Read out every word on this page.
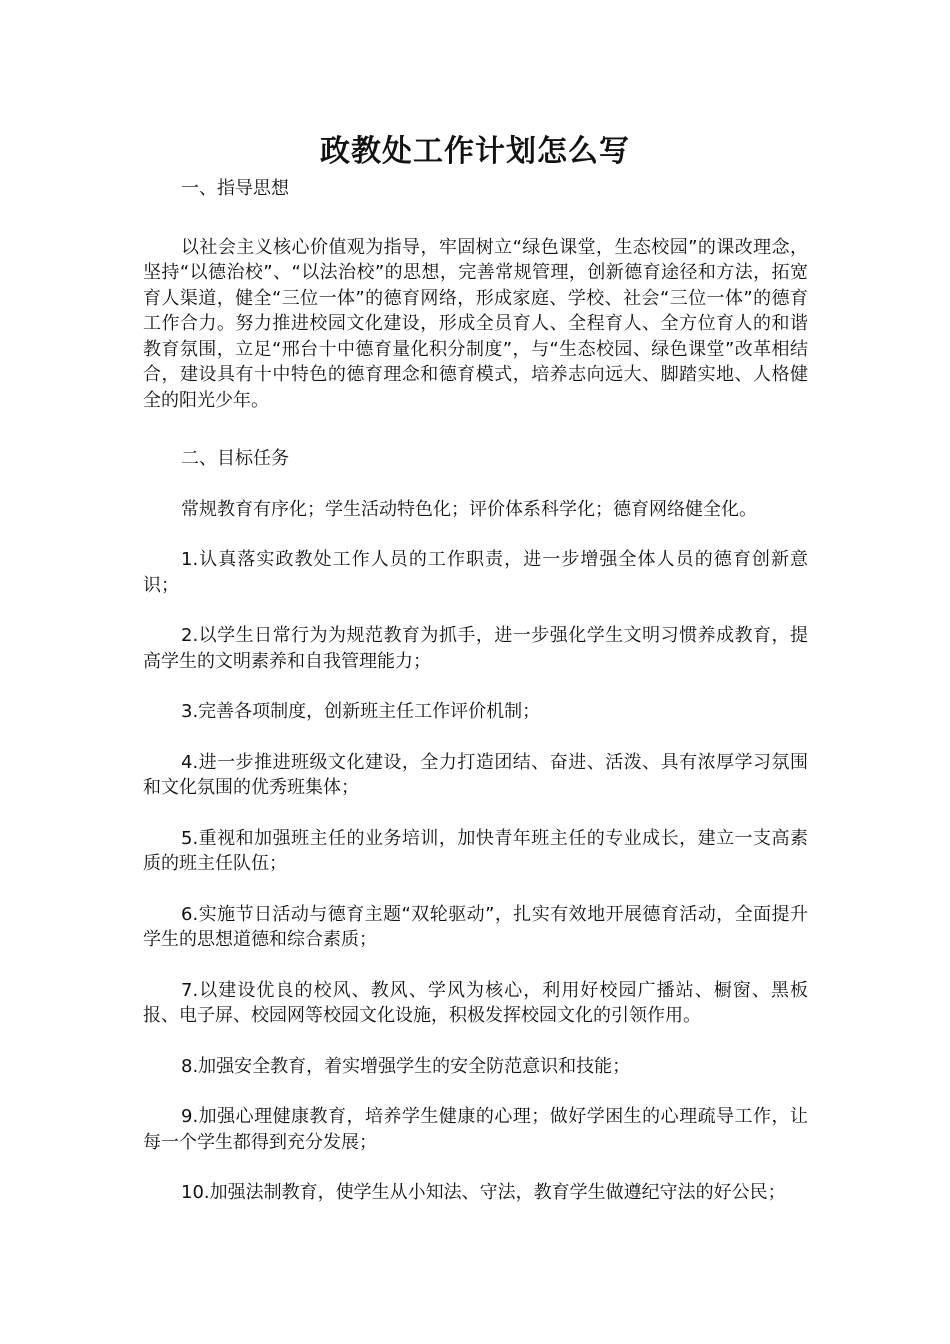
政教处工作计划怎么写

一、指导思想

以社会主义核心价值观为指导，牢固树立“绿色课堂，生态校园”的课改理念，坚持“以德治校”、“以法治校”的思想，完善常规管理，创新德育途径和方法，拓宽育人渠道，健全“三位一体”的德育网络，形成家庭、学校、社会“三位一体”的德育工作合力。努力推进校园文化建设，形成全员育人、全程育人、全方位育人的和谐教育氛围，立足“邢台十中德育量化积分制度”，与“生态校园、绿色课堂”改革相结合，建设具有十中特色的德育理念和德育模式，培养志向远大、脚踏实地、人格健全的阳光少年。

二、目标任务

常规教育有序化；学生活动特色化；评价体系科学化；德育网络健全化。

1.认真落实政教处工作人员的工作职责，进一步增强全体人员的德育创新意识；

2.以学生日常行为为规范教育为抓手，进一步强化学生文明习惯养成教育，提高学生的文明素养和自我管理能力；

3.完善各项制度，创新班主任工作评价机制；

4.进一步推进班级文化建设，全力打造团结、奋进、活泼、具有浓厚学习氛围和文化氛围的优秀班集体；

5.重视和加强班主任的业务培训，加快青年班主任的专业成长，建立一支高素质的班主任队伍；

6.实施节日活动与德育主题“双轮驱动”，扎实有效地开展德育活动，全面提升学生的思想道德和综合素质；

7.以建设优良的校风、教风、学风为核心，利用好校园广播站、橱窗、黑板报、电子屏、校园网等校园文化设施，积极发挥校园文化的引领作用。

8.加强安全教育，着实增强学生的安全防范意识和技能；

9.加强心理健康教育，培养学生健康的心理；做好学困生的心理疏导工作，让每一个学生都得到充分发展；

10.加强法制教育，使学生从小知法、守法，教育学生做遵纪守法的好公民；
